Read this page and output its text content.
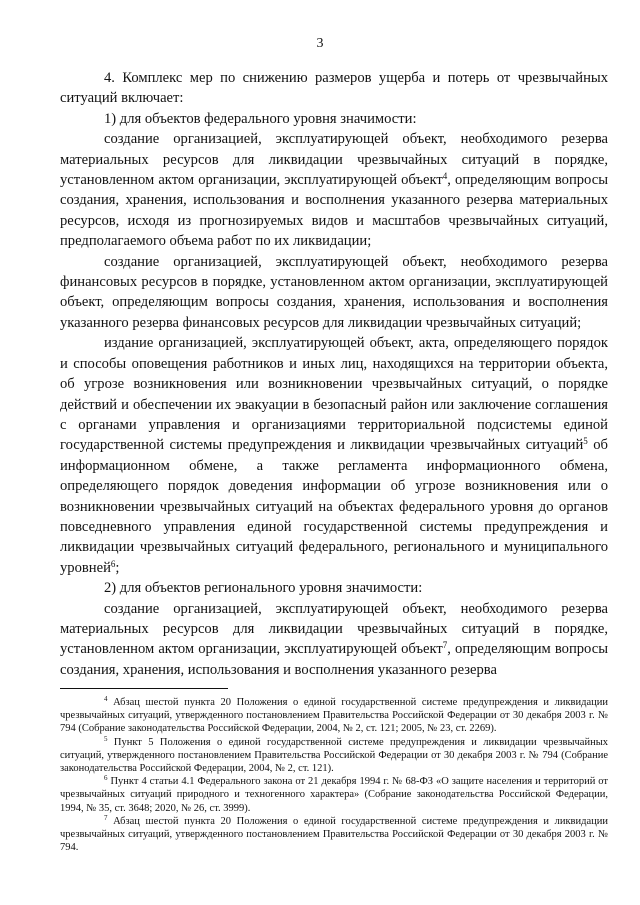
3

4. Комплекс мер по снижению размеров ущерба и потерь от чрезвычайных ситуаций включает:

1) для объектов федерального уровня значимости:

создание организацией, эксплуатирующей объект, необходимого резерва материальных ресурсов для ликвидации чрезвычайных ситуаций в порядке, установленном актом организации, эксплуатирующей объект$^4$, определяющим вопросы создания, хранения, использования и восполнения указанного резерва материальных ресурсов, исходя из прогнозируемых видов и масштабов чрезвычайных ситуаций, предполагаемого объема работ по их ликвидации;

создание организацией, эксплуатирующей объект, необходимого резерва финансовых ресурсов в порядке, установленном актом организации, эксплуатирующей объект, определяющим вопросы создания, хранения, использования и восполнения указанного резерва финансовых ресурсов для ликвидации чрезвычайных ситуаций;

издание организацией, эксплуатирующей объект, акта, определяющего порядок и способы оповещения работников и иных лиц, находящихся на территории объекта, об угрозе возникновения или возникновении чрезвычайных ситуаций, о порядке действий и обеспечении их эвакуации в безопасный район или заключение соглашения с органами управления и организациями территориальной подсистемы единой государственной системы предупреждения и ликвидации чрезвычайных ситуаций$^5$ об информационном обмене, а также регламента информационного обмена, определяющего порядок доведения информации об угрозе возникновения или о возникновении чрезвычайных ситуаций на объектах федерального уровня до органов повседневного управления единой государственной системы предупреждения и ликвидации чрезвычайных ситуаций федерального, регионального и муниципального уровней$^6$;

2) для объектов регионального уровня значимости:

создание организацией, эксплуатирующей объект, необходимого резерва материальных ресурсов для ликвидации чрезвычайных ситуаций в порядке, установленном актом организации, эксплуатирующей объект$^7$, определяющим вопросы создания, хранения, использования и восполнения указанного резерва

$^4$ Абзац шестой пункта 20 Положения о единой государственной системе предупреждения и ликвидации чрезвычайных ситуаций, утвержденного постановлением Правительства Российской Федерации от 30 декабря 2003 г. № 794 (Собрание законодательства Российской Федерации, 2004, № 2, ст. 121; 2005, № 23, ст. 2269).

$^5$ Пункт 5 Положения о единой государственной системе предупреждения и ликвидации чрезвычайных ситуаций, утвержденного постановлением Правительства Российской Федерации от 30 декабря 2003 г. № 794 (Собрание законодательства Российской Федерации, 2004, № 2, ст. 121).

$^6$ Пункт 4 статьи 4.1 Федерального закона от 21 декабря 1994 г. № 68-ФЗ «О защите населения и территорий от чрезвычайных ситуаций природного и техногенного характера» (Собрание законодательства Российской Федерации, 1994, № 35, ст. 3648; 2020, № 26, ст. 3999).

$^7$ Абзац шестой пункта 20 Положения о единой государственной системе предупреждения и ликвидации чрезвычайных ситуаций, утвержденного постановлением Правительства Российской Федерации от 30 декабря 2003 г. № 794.
